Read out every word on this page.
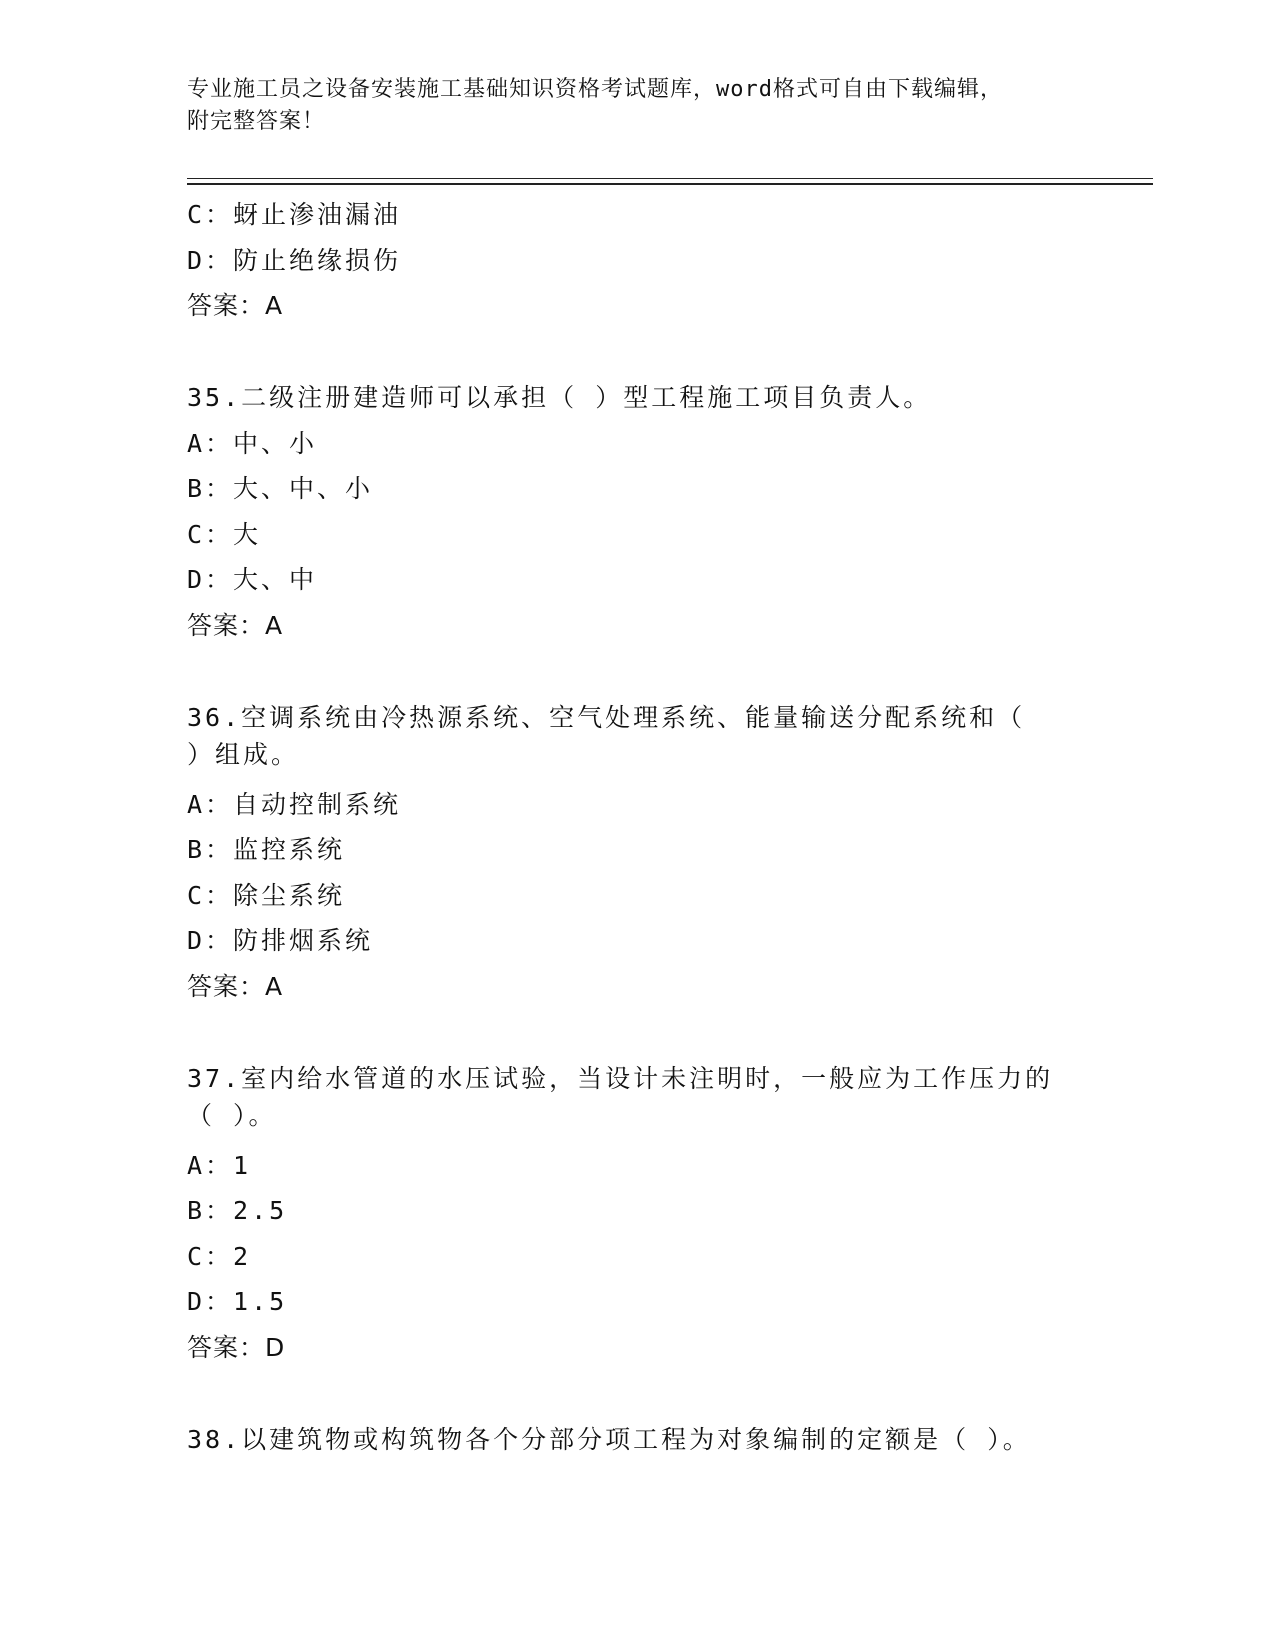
专业施工员之设备安装施工基础知识资格考试题库，word格式可自由下载编辑，
附完整答案！
C：蚜止渗油漏油
D：防止绝缘损伤
答案：A
35.二级注册建造师可以承担（ ）型工程施工项目负责人。
A：中、小
B：大、中、小
C：大
D：大、中
答案：A
36.空调系统由冷热源系统、空气处理系统、能量输送分配系统和（
）组成。
A：自动控制系统
B：监控系统
C：除尘系统
D：防排烟系统
答案：A
37.室内给水管道的水压试验，当设计未注明时，一般应为工作压力的
（ ）。
A：1
B：2.5
C：2
D：1.5
答案：D
38.以建筑物或构筑物各个分部分项工程为对象编制的定额是（ ）。
